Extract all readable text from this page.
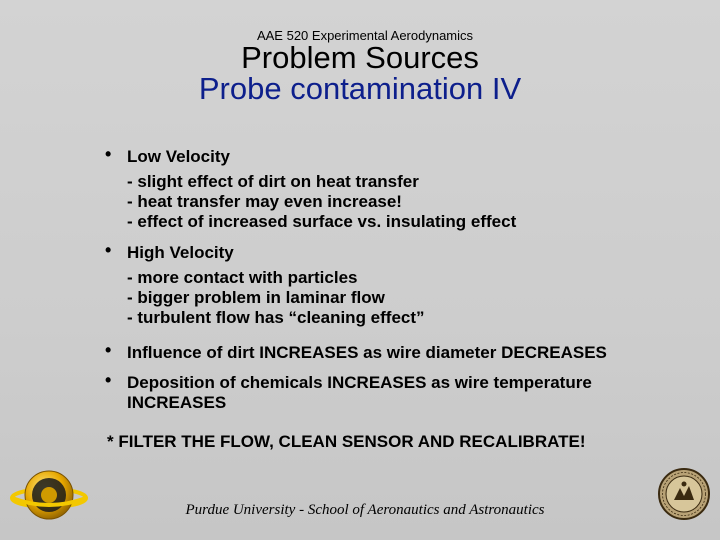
AAE 520 Experimental Aerodynamics
Problem Sources
Probe contamination IV
• Low Velocity
- slight effect of dirt on heat transfer
- heat transfer may even increase!
- effect of increased surface vs. insulating effect
• High Velocity
- more contact with particles
- bigger problem in laminar flow
- turbulent flow has “cleaning effect”
• Influence of dirt INCREASES as wire diameter DECREASES
• Deposition of chemicals INCREASES as wire temperature
INCREASES
* FILTER THE FLOW, CLEAN SENSOR AND RECALIBRATE!
Purdue University - School of Aeronautics and Astronautics
